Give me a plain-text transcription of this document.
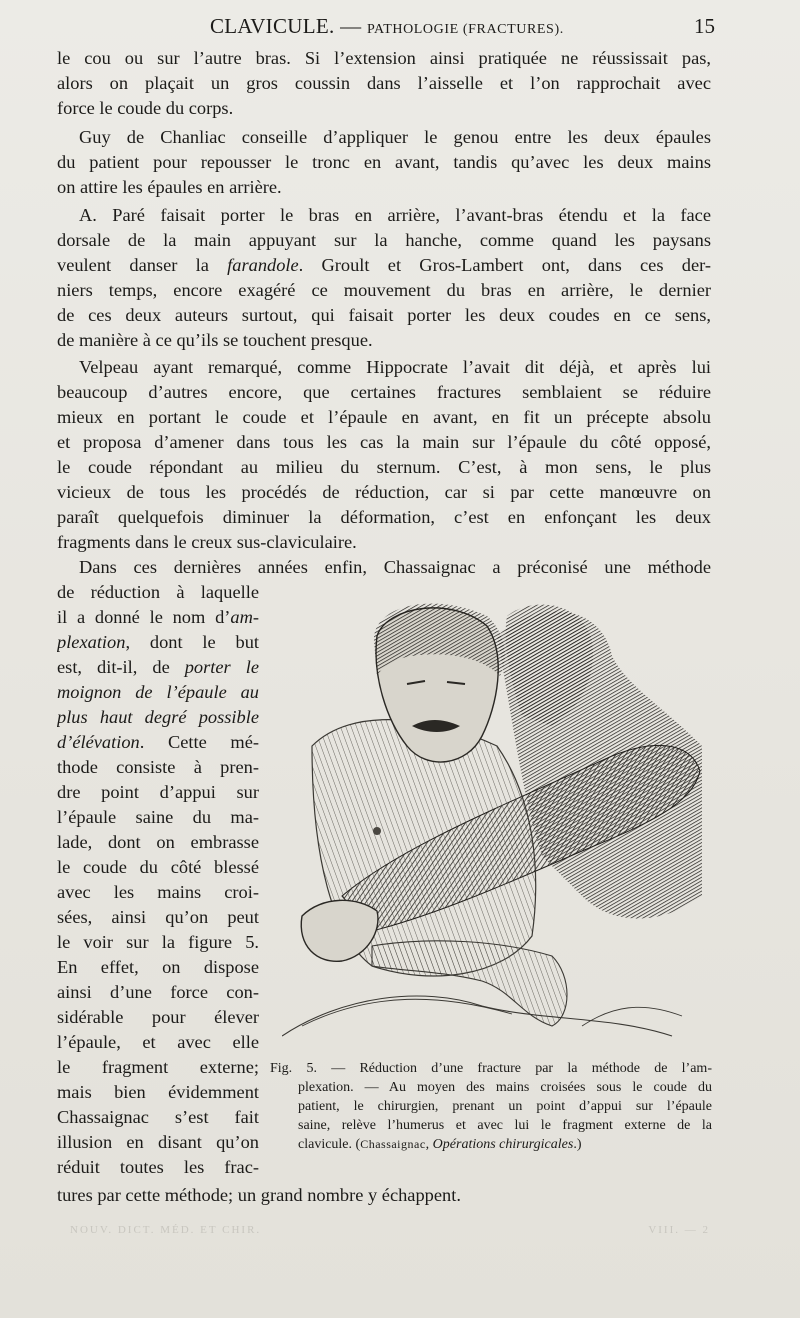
CLAVICULE. — PATHOLOGIE (FRACTURES).	15
le cou ou sur l’autre bras. Si l’extension ainsi pratiquée ne réussissait pas,
alors on plaçait un gros coussin dans l’aisselle et l’on rapprochait avec
force le coude du corps.
Guy de Chanliac conseille d’appliquer le genou entre les deux épaules
du patient pour repousser le tronc en avant, tandis qu’avec les deux mains
on attire les épaules en arrière.
A. Paré faisait porter le bras en arrière, l’avant-bras étendu et la face
dorsale de la main appuyant sur la hanche, comme quand les paysans
veulent danser la farandole. Groult et Gros-Lambert ont, dans ces der-
niers temps, encore exagéré ce mouvement du bras en arrière, le dernier
de ces deux auteurs surtout, qui faisait porter les deux coudes en ce sens,
de manière à ce qu’ils se touchent presque.
Velpeau ayant remarqué, comme Hippocrate l’avait dit déjà, et après lui
beaucoup d’autres encore, que certaines fractures semblaient se réduire
mieux en portant le coude et l’épaule en avant, en fit un précepte absolu
et proposa d’amener dans tous les cas la main sur l’épaule du côté opposé,
le coude répondant au milieu du sternum. C’est, à mon sens, le plus
vicieux de tous les procédés de réduction, car si par cette manœuvre on
paraît quelquefois diminuer la déformation, c’est en enfonçant les deux
fragments dans le creux sus-claviculaire.
Dans ces dernières années enfin, Chassaignac a préconisé une méthode
de réduction à laquelle
il a donné le nom d’am-
plexation, dont le but
est, dit-il, de porter le
moignon de l’épaule au
plus haut degré possible
d’élévation. Cette mé-
thode consiste à pren-
dre point d’appui sur
l’épaule saine du ma-
lade, dont on embrasse
le coude du côté blessé
avec les mains croi-
sées, ainsi qu’on peut
le voir sur la figure 5.
En effet, on dispose
ainsi d’une force con-
sidérable pour élever
l’épaule, et avec elle
le fragment externe;
mais bien évidemment
Chassaignac s’est fait
illusion en disant qu’on
réduit toutes les frac-
tures par cette méthode; un grand nombre y échappent.
Fig. 5. — Réduction d’une fracture par la méthode de l’am-
plexation. — Au moyen des mains croisées sous le coude du
patient, le chirurgien, prenant un point d’appui sur l’épaule
saine, relève l’humerus et avec lui le fragment externe de la
clavicule. (Chassaignac, Opérations chirurgicales.)
NOUV. DICT. MÉD. ET CHIR.	VIII. — 2
